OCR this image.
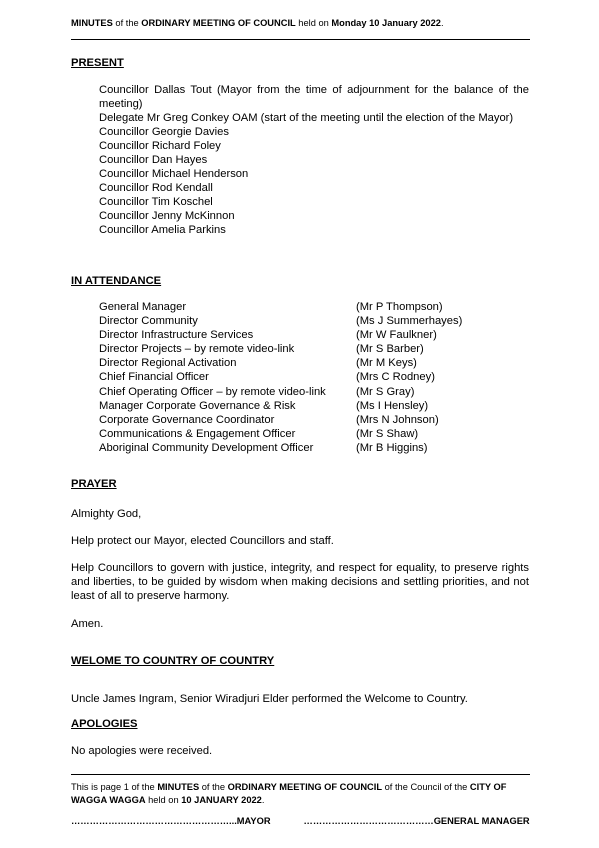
MINUTES of the ORDINARY MEETING OF COUNCIL held on Monday 10 January 2022.
PRESENT
Councillor Dallas Tout (Mayor from the time of adjournment for the balance of the meeting)
Delegate Mr Greg Conkey OAM (start of the meeting until the election of the Mayor)
Councillor Georgie Davies
Councillor Richard Foley
Councillor Dan Hayes
Councillor Michael Henderson
Councillor Rod Kendall
Councillor Tim Koschel
Councillor Jenny McKinnon
Councillor Amelia Parkins
IN ATTENDANCE
General Manager	(Mr P Thompson)
Director Community	(Ms J Summerhayes)
Director Infrastructure Services	(Mr W Faulkner)
Director Projects – by remote video-link	(Mr S Barber)
Director Regional Activation	(Mr M Keys)
Chief Financial Officer	(Mrs C Rodney)
Chief Operating Officer – by remote video-link	(Mr S Gray)
Manager Corporate Governance & Risk	(Ms I Hensley)
Corporate Governance Coordinator	(Mrs N Johnson)
Communications & Engagement Officer	(Mr S Shaw)
Aboriginal Community Development Officer	(Mr B Higgins)
PRAYER
Almighty God,
Help protect our Mayor, elected Councillors and staff.
Help Councillors to govern with justice, integrity, and respect for equality, to preserve rights and liberties, to be guided by wisdom when making decisions and settling priorities, and not least of all to preserve harmony.
Amen.
WELOME TO COUNTRY OF COUNTRY
Uncle James Ingram, Senior Wiradjuri Elder performed the Welcome to Country.
APOLOGIES
No apologies were received.
This is page 1 of the MINUTES of the ORDINARY MEETING OF COUNCIL of the Council of the CITY OF WAGGA WAGGA held on 10 JANUARY 2022.
……………………………………………...MAYOR	……………………………………GENERAL MANAGER
